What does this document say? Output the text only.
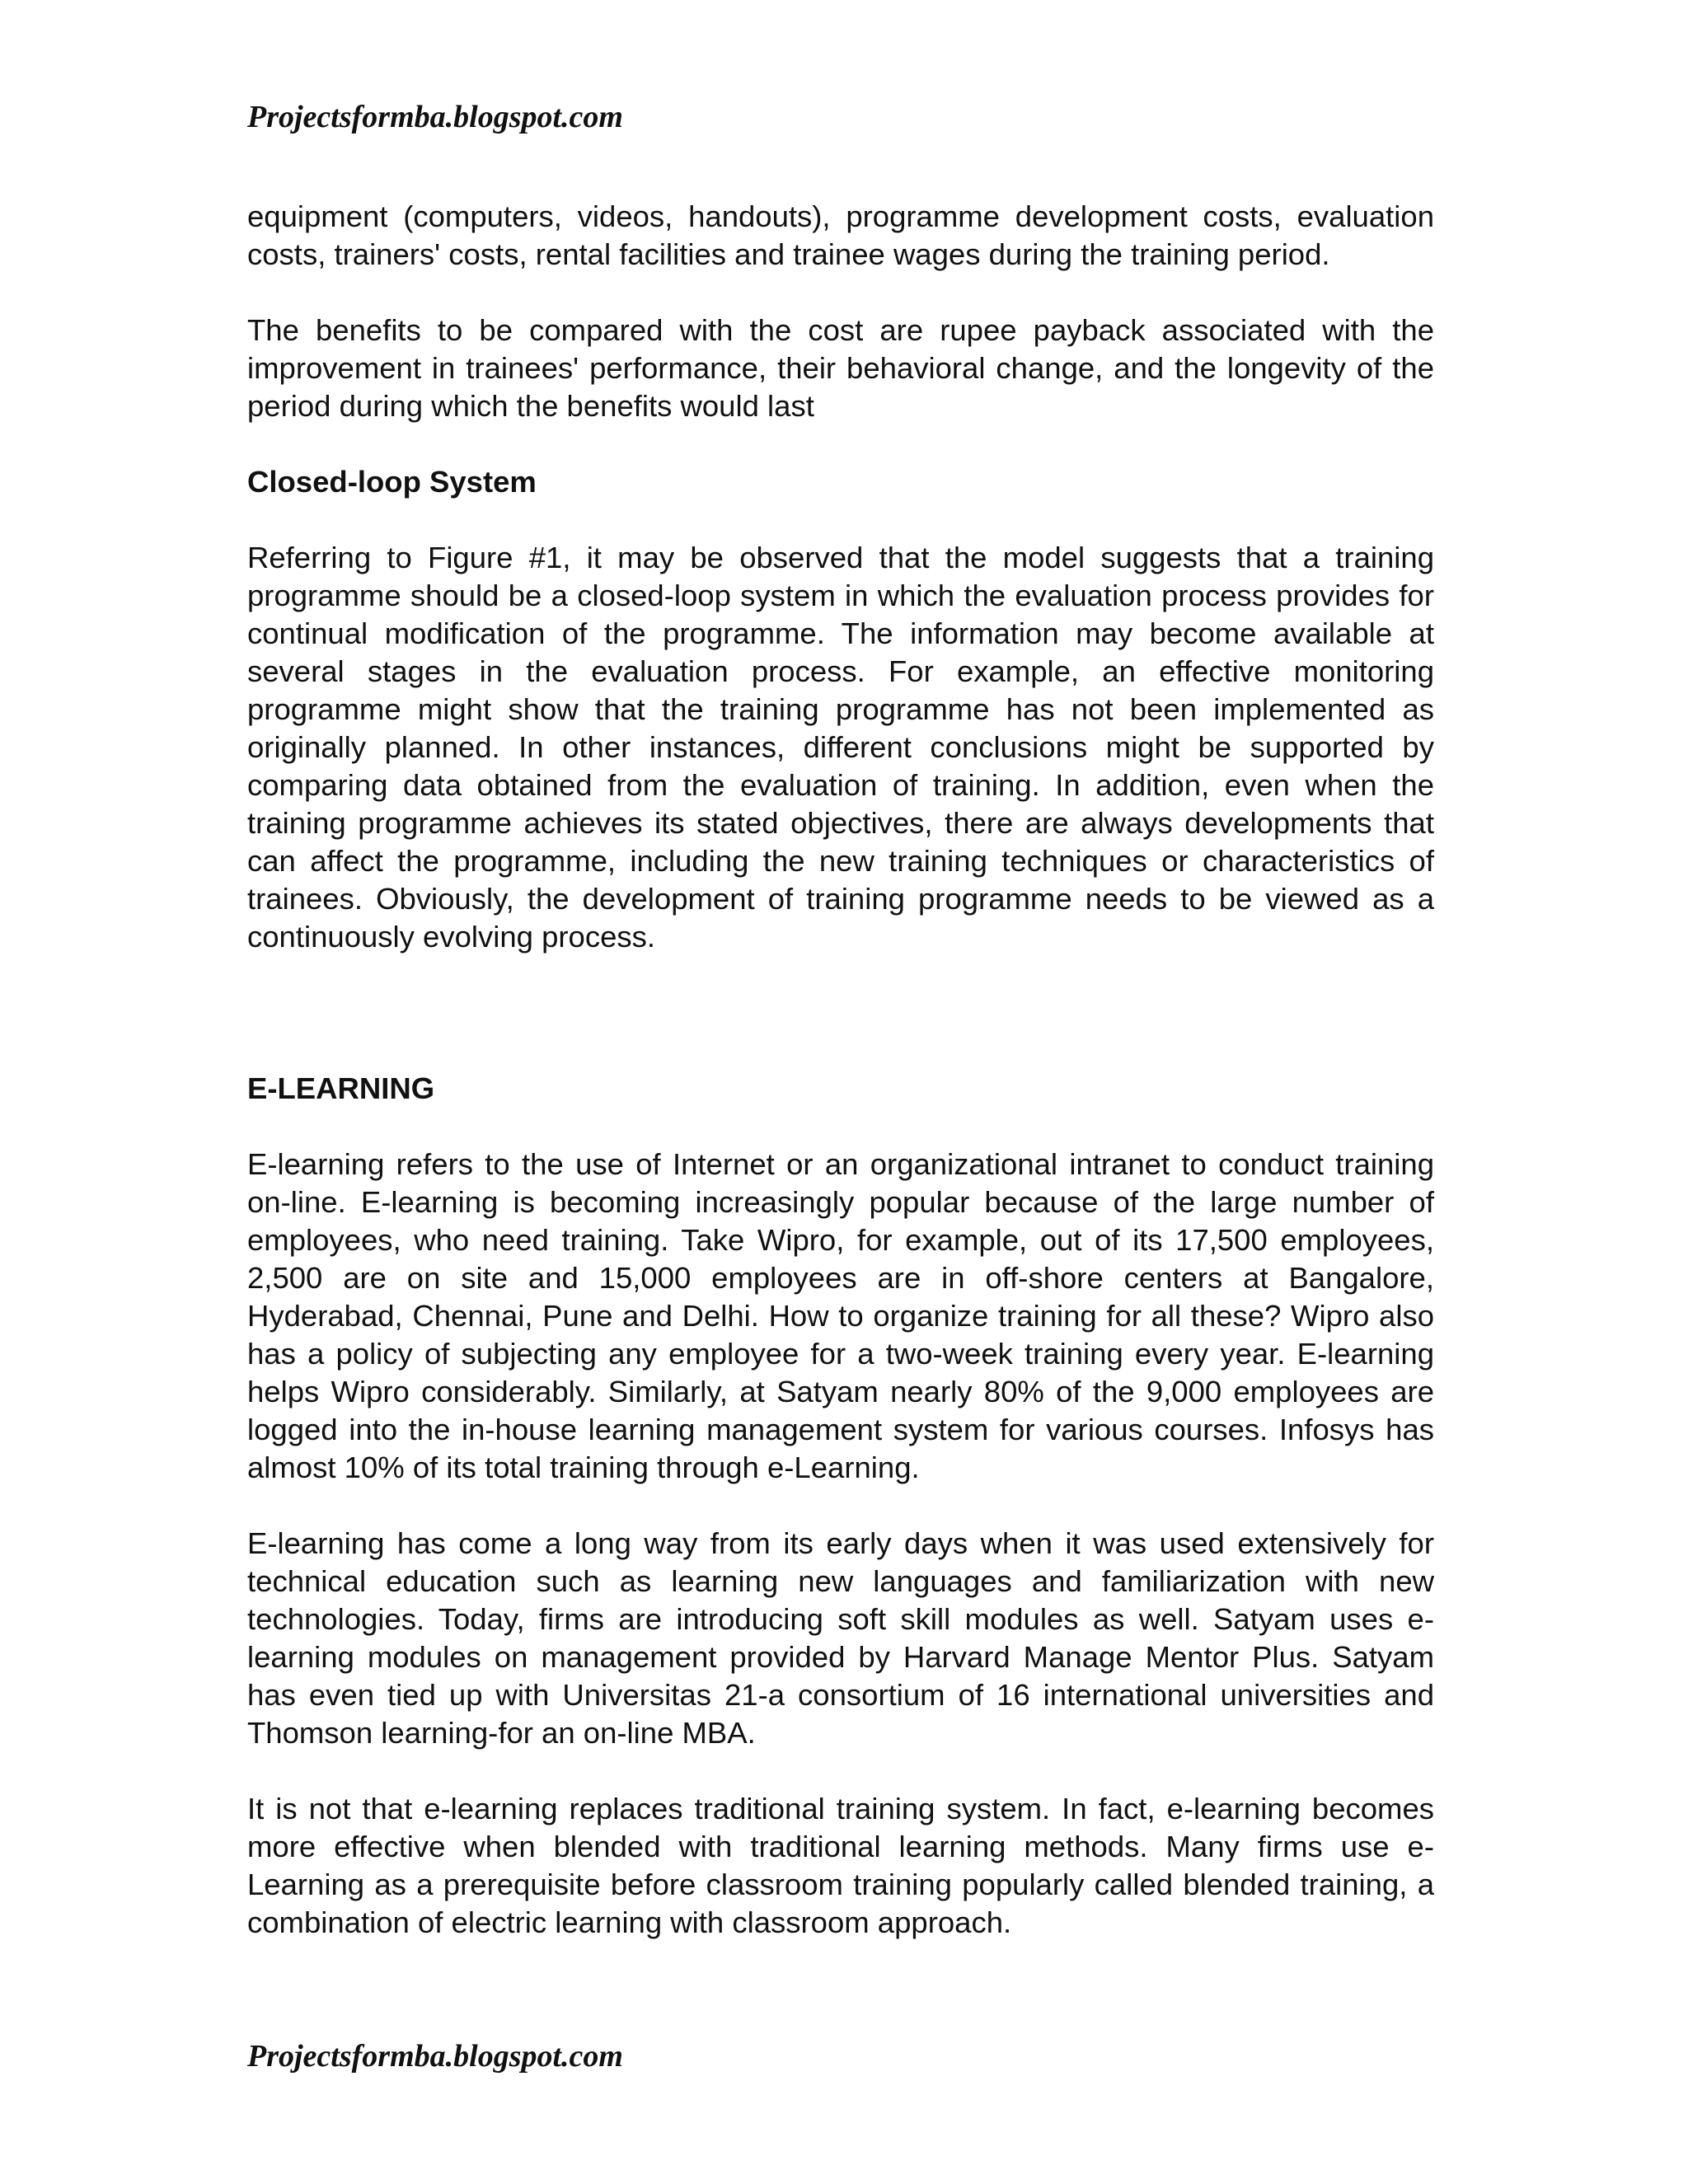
Projectsformba.blogspot.com

equipment (computers, videos, handouts), programme development costs, evaluation costs, trainers' costs, rental facilities and trainee wages during the training period.

The benefits to be compared with the cost are rupee payback associated with the improvement in trainees' performance, their behavioral change, and the longevity of the period during which the benefits would last

Closed-loop System

Referring to Figure #1, it may be observed that the model suggests that a training programme should be a closed-loop system in which the evaluation process provides for continual modification of the programme. The information may become available at several stages in the evaluation process. For example, an effective monitoring programme might show that the training programme has not been implemented as originally planned. In other instances, different conclusions might be supported by comparing data obtained from the evaluation of training. In addition, even when the training programme achieves its stated objectives, there are always developments that can affect the programme, including the new training techniques or characteristics of trainees. Obviously, the development of training programme needs to be viewed as a continuously evolving process.

E-LEARNING

E-learning refers to the use of Internet or an organizational intranet to conduct training on-line. E-learning is becoming increasingly popular because of the large number of employees, who need training. Take Wipro, for example, out of its 17,500 employees, 2,500 are on site and 15,000 employees are in off-shore centers at Bangalore, Hyderabad, Chennai, Pune and Delhi. How to organize training for all these? Wipro also has a policy of subjecting any employee for a two-week training every year. E-learning helps Wipro considerably. Similarly, at Satyam nearly 80% of the 9,000 employees are logged into the in-house learning management system for various courses. Infosys has almost 10% of its total training through e-Learning.

E-learning has come a long way from its early days when it was used extensively for technical education such as learning new languages and familiarization with new technologies. Today, firms are introducing soft skill modules as well. Satyam uses e-learning modules on management provided by Harvard Manage Mentor Plus. Satyam has even tied up with Universitas 21-a consortium of 16 international universities and Thomson learning-for an on-line MBA.

It is not that e-learning replaces traditional training system. In fact, e-learning becomes more effective when blended with traditional learning methods. Many firms use e-Learning as a prerequisite before classroom training popularly called blended training, a combination of electric learning with classroom approach.

Projectsformba.blogspot.com
